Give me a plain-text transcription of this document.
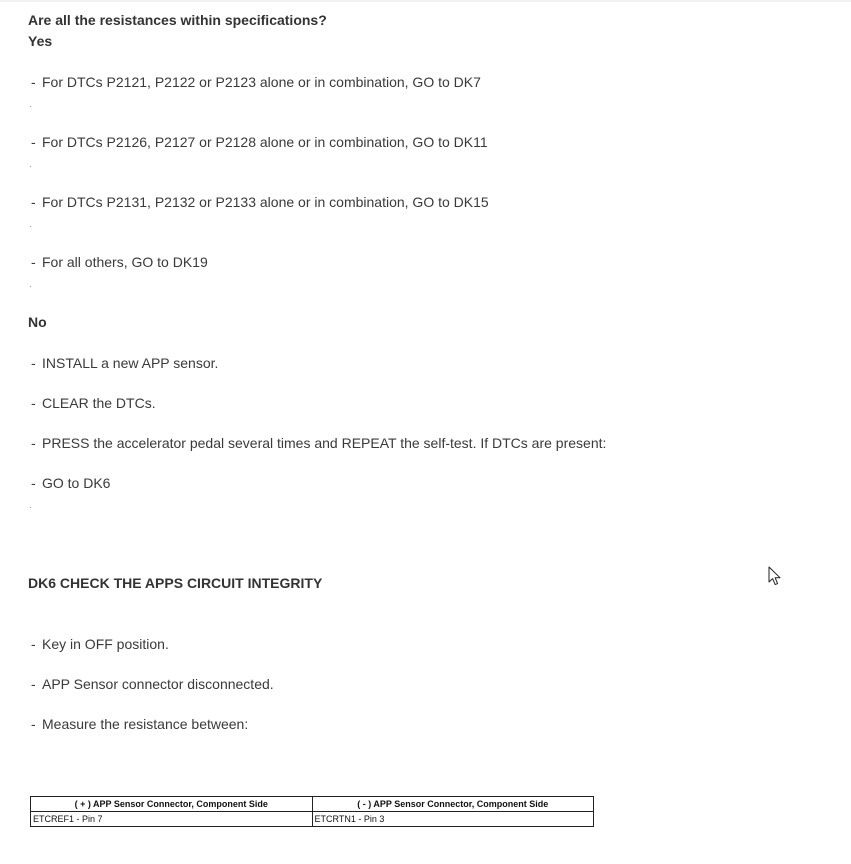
Are all the resistances within specifications?
Yes
- For DTCs P2121, P2122 or P2123 alone or in combination, GO to DK7
- For DTCs P2126, P2127 or P2128 alone or in combination, GO to DK11
- For DTCs P2131, P2132 or P2133 alone or in combination, GO to DK15
- For all others, GO to DK19
No
- INSTALL a new APP sensor.
- CLEAR the DTCs.
- PRESS the accelerator pedal several times and REPEAT the self-test. If DTCs are present:
- GO to DK6
DK6 CHECK THE APPS CIRCUIT INTEGRITY
- Key in OFF position.
- APP Sensor connector disconnected.
- Measure the resistance between:
( + ) APP Sensor Connector, Component Side	( - ) APP Sensor Connector, Component Side
ETCREF1 - Pin 7	ETCRTN1 - Pin 3
